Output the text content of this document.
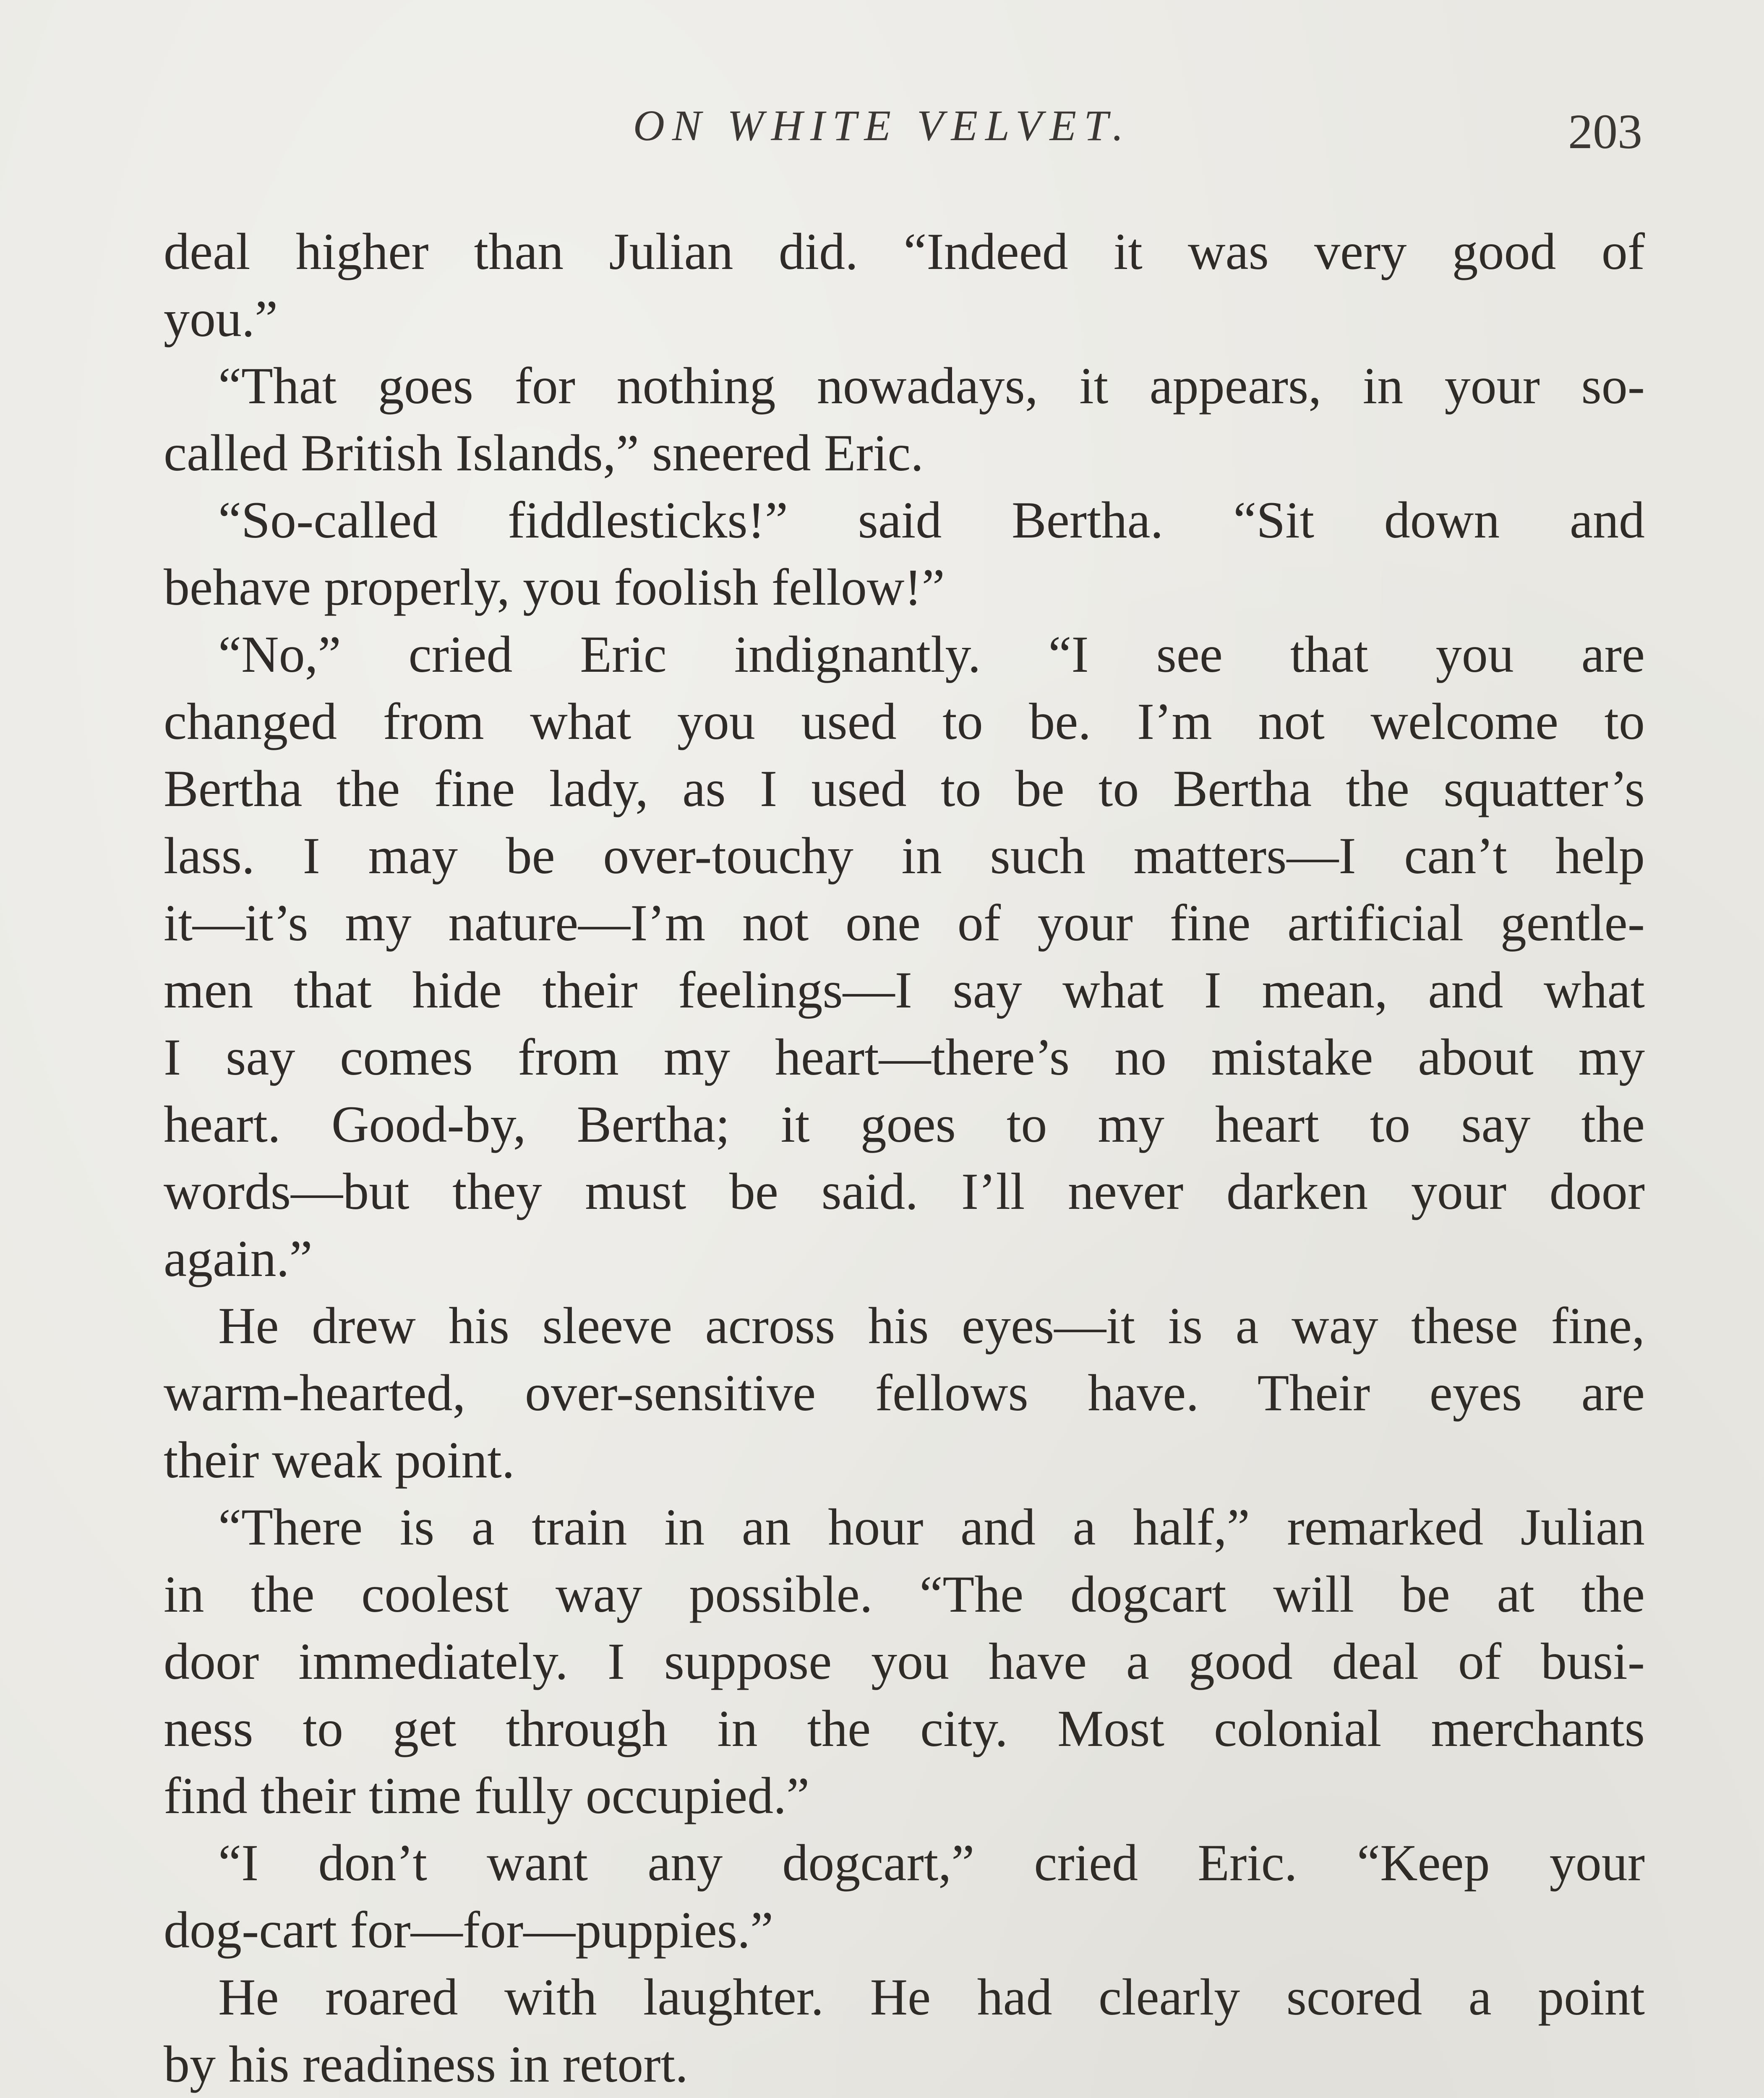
ON WHITE VELVET.	203
deal higher than Julian did. “Indeed it was very good of
you.”
“That goes for nothing nowadays, it appears, in your so-
called British Islands,” sneered Eric.
“So-called fiddlesticks!” said Bertha. “Sit down and
behave properly, you foolish fellow!”
“No,” cried Eric indignantly. “I see that you are
changed from what you used to be. I’m not welcome to
Bertha the fine lady, as I used to be to Bertha the squatter’s
lass. I may be over-touchy in such matters—I can’t help
it—it’s my nature—I’m not one of your fine artificial gentle-
men that hide their feelings—I say what I mean, and what
I say comes from my heart—there’s no mistake about my
heart. Good-by, Bertha; it goes to my heart to say the
words—but they must be said. I’ll never darken your door
again.”
He drew his sleeve across his eyes—it is a way these fine,
warm-hearted, over-sensitive fellows have. Their eyes are
their weak point.
“There is a train in an hour and a half,” remarked Julian
in the coolest way possible. “The dogcart will be at the
door immediately. I suppose you have a good deal of busi-
ness to get through in the city. Most colonial merchants
find their time fully occupied.”
“I don’t want any dogcart,” cried Eric. “Keep your
dog-cart for—for—puppies.”
He roared with laughter. He had clearly scored a point
by his readiness in retort.
